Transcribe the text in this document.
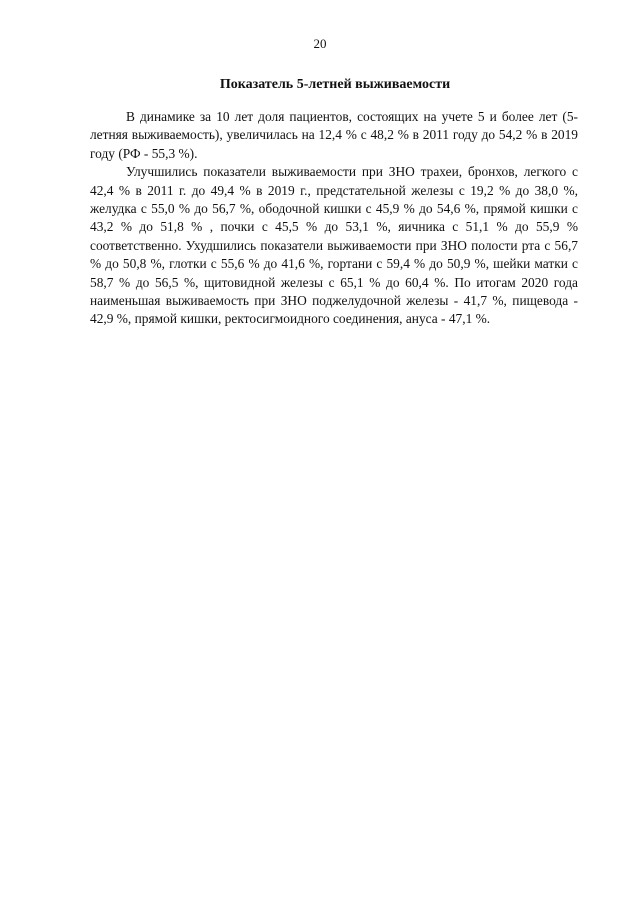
20
Показатель 5-летней выживаемости

В динамике за 10 лет доля пациентов, состоящих на учете 5 и более лет (5-летняя выживаемость), увеличилась на 12,4 % с 48,2 % в 2011 году до 54,2 % в 2019 году (РФ - 55,3 %).

Улучшились показатели выживаемости при ЗНО трахеи, бронхов, легкого с 42,4 % в 2011 г. до 49,4 % в 2019 г., предстательной железы с 19,2 % до 38,0 %, желудка с 55,0 % до 56,7 %, ободочной кишки с 45,9 % до 54,6 %, прямой кишки с 43,2 % до 51,8 % , почки с 45,5 % до 53,1 %, яичника с 51,1 % до 55,9 % соответственно. Ухудшились показатели выживаемости при ЗНО полости рта с 56,7 % до 50,8 %, глотки с 55,6 % до 41,6 %, гортани с 59,4 % до 50,9 %, шейки матки с 58,7 % до 56,5 %, щитовидной железы с 65,1 % до 60,4 %. По итогам 2020 года наименьшая выживаемость при ЗНО поджелудочной железы - 41,7 %, пищевода - 42,9 %, прямой кишки, ректосигмоидного соединения, ануса - 47,1 %.
